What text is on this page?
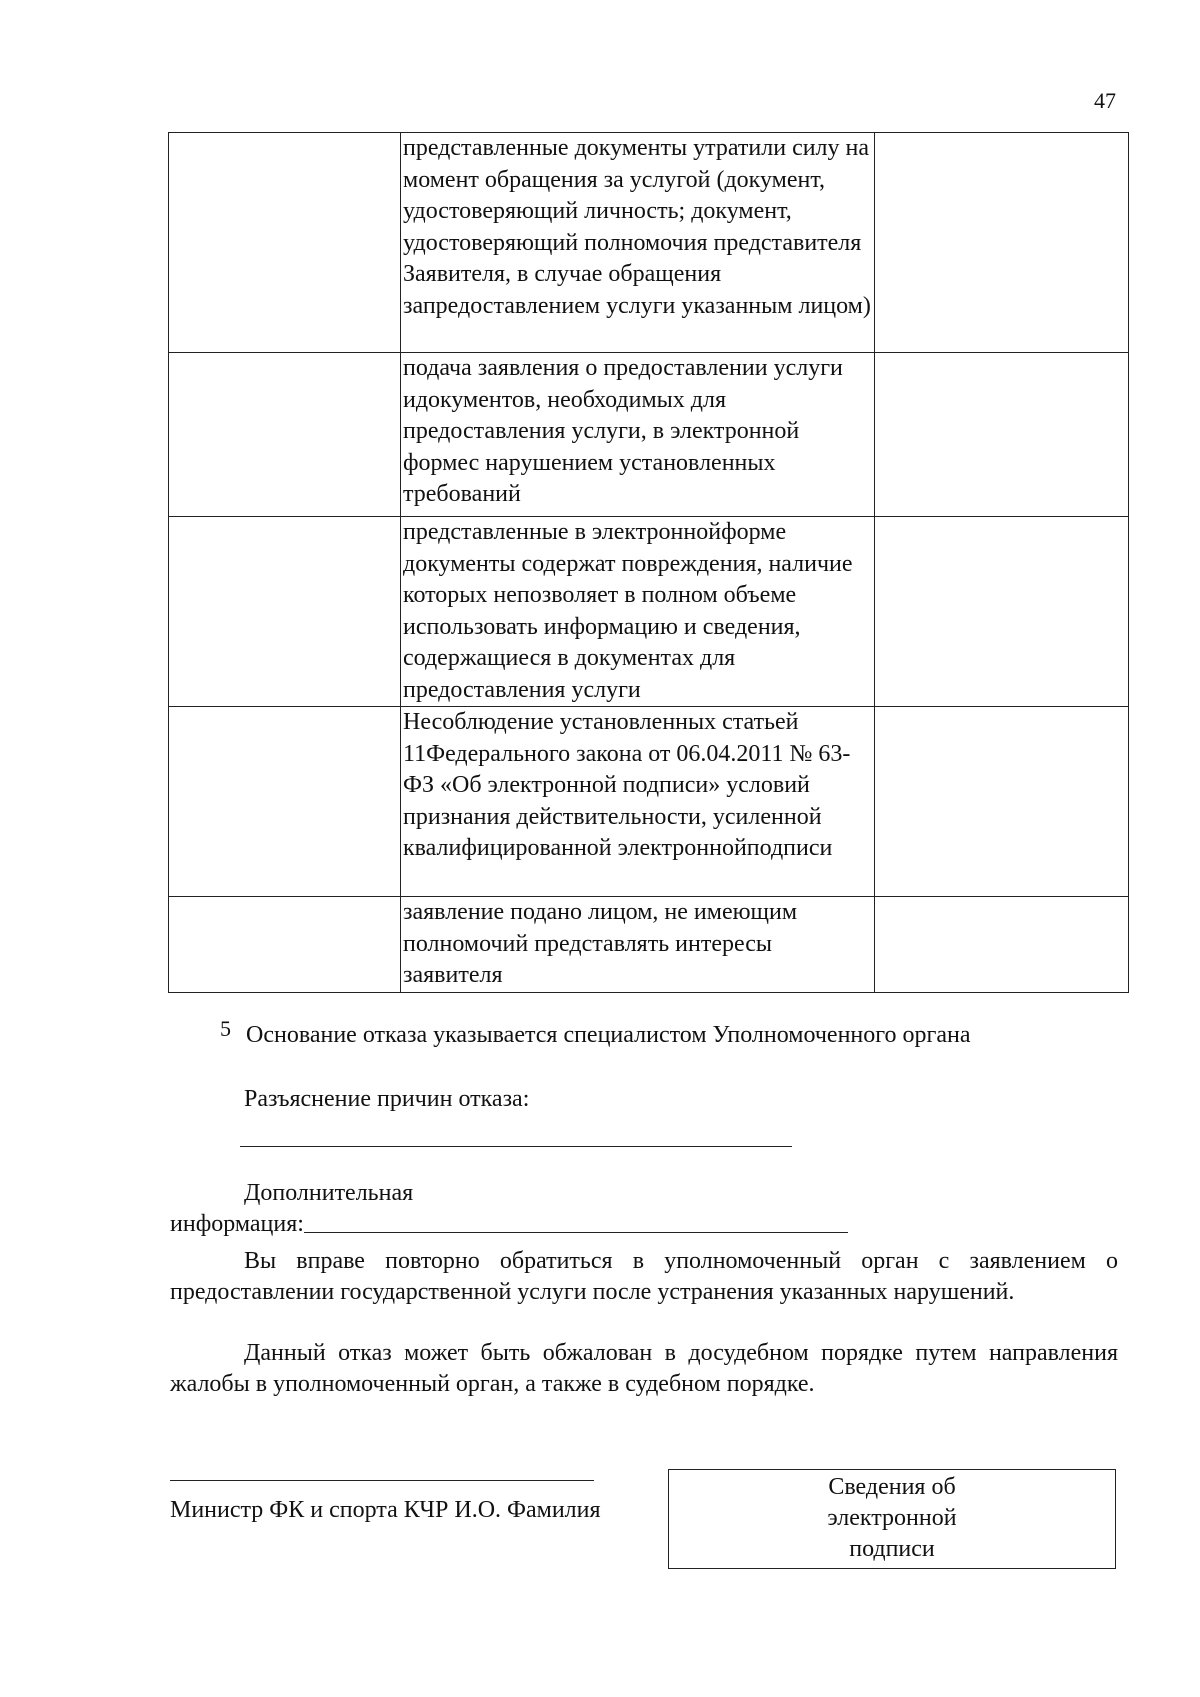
47
	представленные документы утратили силу на момент обращения за услугой (документ, удостоверяющий личность; документ, удостоверяющий полномочия представителя Заявителя, в случае обращения запредоставлением услуги указанным лицом)	
	подача заявления о предоставлении услуги идокументов, необходимых для предоставления услуги, в электронной формес нарушением установленных требований	
	представленные в электроннойформе документы содержат повреждения, наличие которых непозволяет в полном объеме использовать информацию и сведения, содержащиеся в документах для предоставления услуги	
	Несоблюдение установленных статьей 11Федерального закона от 06.04.2011 № 63-ФЗ «Об электронной подписи» условий признания действительности, усиленной квалифицированной электроннойподписи	
	заявление подано лицом, не имеющим полномочий представлять интересы заявителя	
5 Основание отказа указывается специалистом Уполномоченного органа
Разъяснение причин отказа:
Дополнительная
информация:

Вы вправе повторно обратиться в уполномоченный орган с заявлением о предоставлении государственной услуги после устранения указанных нарушений.

Данный отказ может быть обжалован в досудебном порядке путем направления жалобы в уполномоченный орган, а также в судебном порядке.

Министр ФК и спорта КЧР И.О. Фамилия
Сведения об
электронной
подписи
